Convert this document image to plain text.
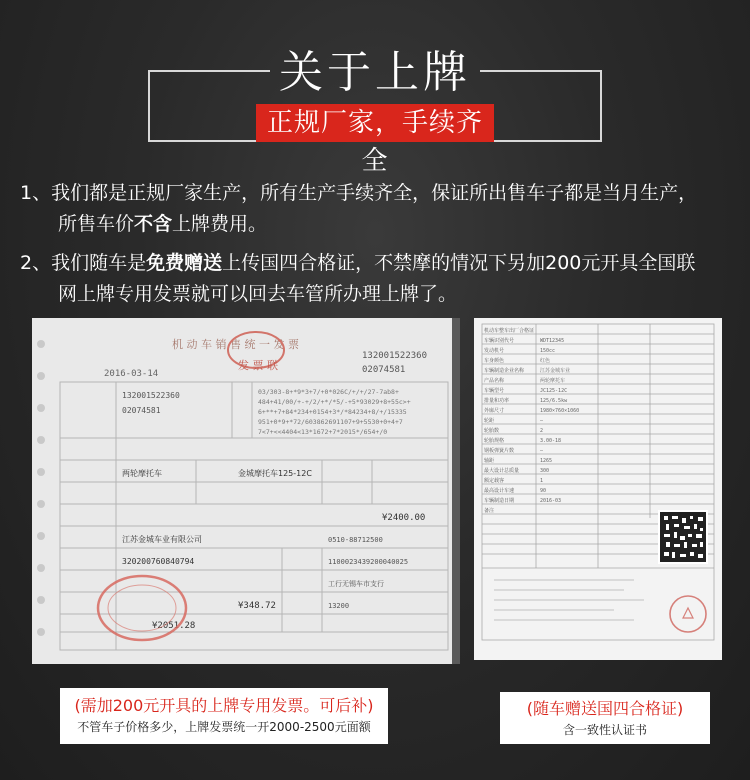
关于上牌
正规厂家，手续齐全
1、我们都是正规厂家生产，所有生产手续齐全，保证所出售车子都是当月生产，
所售车价不含上牌费用。
2、我们随车是免费赠送上传国四合格证，不禁摩的情况下另加200元开具全国联
网上牌专用发票就可以回去车管所办理上牌了。
机 动 车 销 售 统 一 发 票
发 票 联
2016-03-14
132001522360
02074581
132001522360
02074581
03/303-8+*9*3+7/+0*026C/+/+/27-7ab8+
484+41/00/+-+/2/+*/*5/-+5*93029+8+55c>+
6+**+7+84*234+0154+3*/*84234+8/+/15335
951+0*9+*72/603862691107+9+5530+0+4+7
7<7+<<4404<13*1672+7*2015*/654+/0
两轮摩托车	金城摩托车125-12C
¥2400.00
江苏金城车业有限公司
320200760840794
0510-88712500
1100023439200040025
工行无锡车市支行
13200
¥348.72
¥2051.28
机动车整车出厂合格证
车辆识别代号
发动机号
车身颜色
车辆制造企业名称
产品名称
车辆型号
排量和功率
外廓尺寸
轮距
轮胎数
轮胎规格
钢板弹簧片数
轴距
最大设计总质量
额定载客
最高设计车速
车辆制造日期
备注
WDT12345
150cc
红色
江苏金城车业
两轮摩托车
JC125-12C
125/6.5kw
1980×760×1060
—
2
3.00-18
—
1265
300
1
90
2016-03
(需加200元开具的上牌专用发票。可后补)
不管车子价格多少，上牌发票统一开2000-2500元面额
(随车赠送国四合格证)
含一致性认证书
